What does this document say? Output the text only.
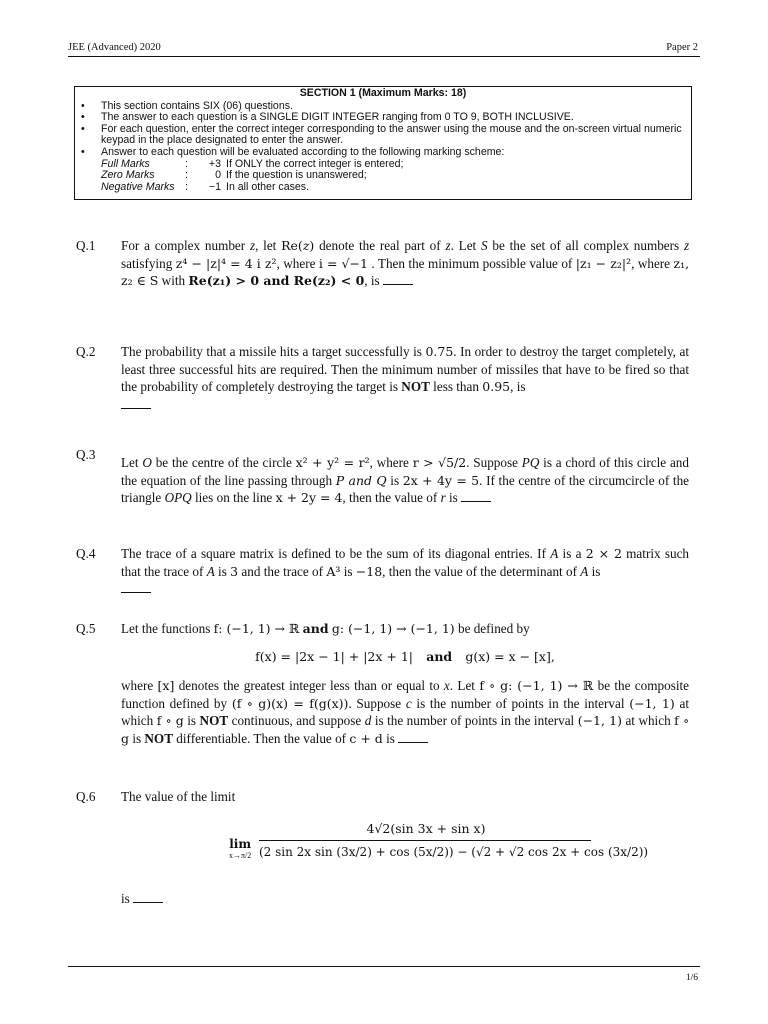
JEE (Advanced) 2020	Paper 2
SECTION 1 (Maximum Marks: 18)
• This section contains SIX (06) questions.
• The answer to each question is a SINGLE DIGIT INTEGER ranging from 0 TO 9, BOTH INCLUSIVE.
• For each question, enter the correct integer corresponding to the answer using the mouse and the on-screen virtual numeric keypad in the place designated to enter the answer.
• Answer to each question will be evaluated according to the following marking scheme:
Full Marks	:	+3 If ONLY the correct integer is entered;
Zero Marks	:	0 If the question is unanswered;
Negative Marks :	−1 In all other cases.
Q.1 For a complex number z, let Re(z) denote the real part of z. Let S be the set of all complex numbers z satisfying z⁴ − |z|⁴ = 4 i z², where i = √−1 . Then the minimum possible value of |z₁ − z₂|², where z₁, z₂ ∈ S with Re(z₁) > 0 and Re(z₂) < 0, is
Q.2 The probability that a missile hits a target successfully is 0.75. In order to destroy the target completely, at least three successful hits are required. Then the minimum number of missiles that have to be fired so that the probability of completely destroying the target is NOT less than 0.95, is

Q.3
Let O be the centre of the circle x² + y² = r², where r > √5/2. Suppose PQ is a chord of this circle and the equation of the line passing through P and Q is 2x + 4y = 5. If the centre of the circumcircle of the triangle OPQ lies on the line x + 2y = 4, then the value of r is
Q.4 The trace of a square matrix is defined to be the sum of its diagonal entries. If A is a 2 × 2 matrix such that the trace of A is 3 and the trace of A³ is −18, then the value of the determinant of A is

Q.5 Let the functions f: (−1, 1) → ℝ and g: (−1, 1) → (−1, 1) be defined by
f(x) = |2x − 1| + |2x + 1| and g(x) = x − [x],
where [x] denotes the greatest integer less than or equal to x. Let f ∘ g: (−1, 1) → ℝ be the composite function defined by (f ∘ g)(x) = f(g(x)). Suppose c is the number of points in the interval (−1, 1) at which f ∘ g is NOT continuous, and suppose d is the number of points in the interval (−1, 1) at which f ∘ g is NOT differentiable. Then the value of c + d is
Q.6 The value of the limit
lim
x→π/2
4√2(sin 3x + sin x)
(2 sin 2x sin (3x/2) + cos (5x/2)) − (√2 + √2 cos 2x + cos (3x/2))
is
1/6
